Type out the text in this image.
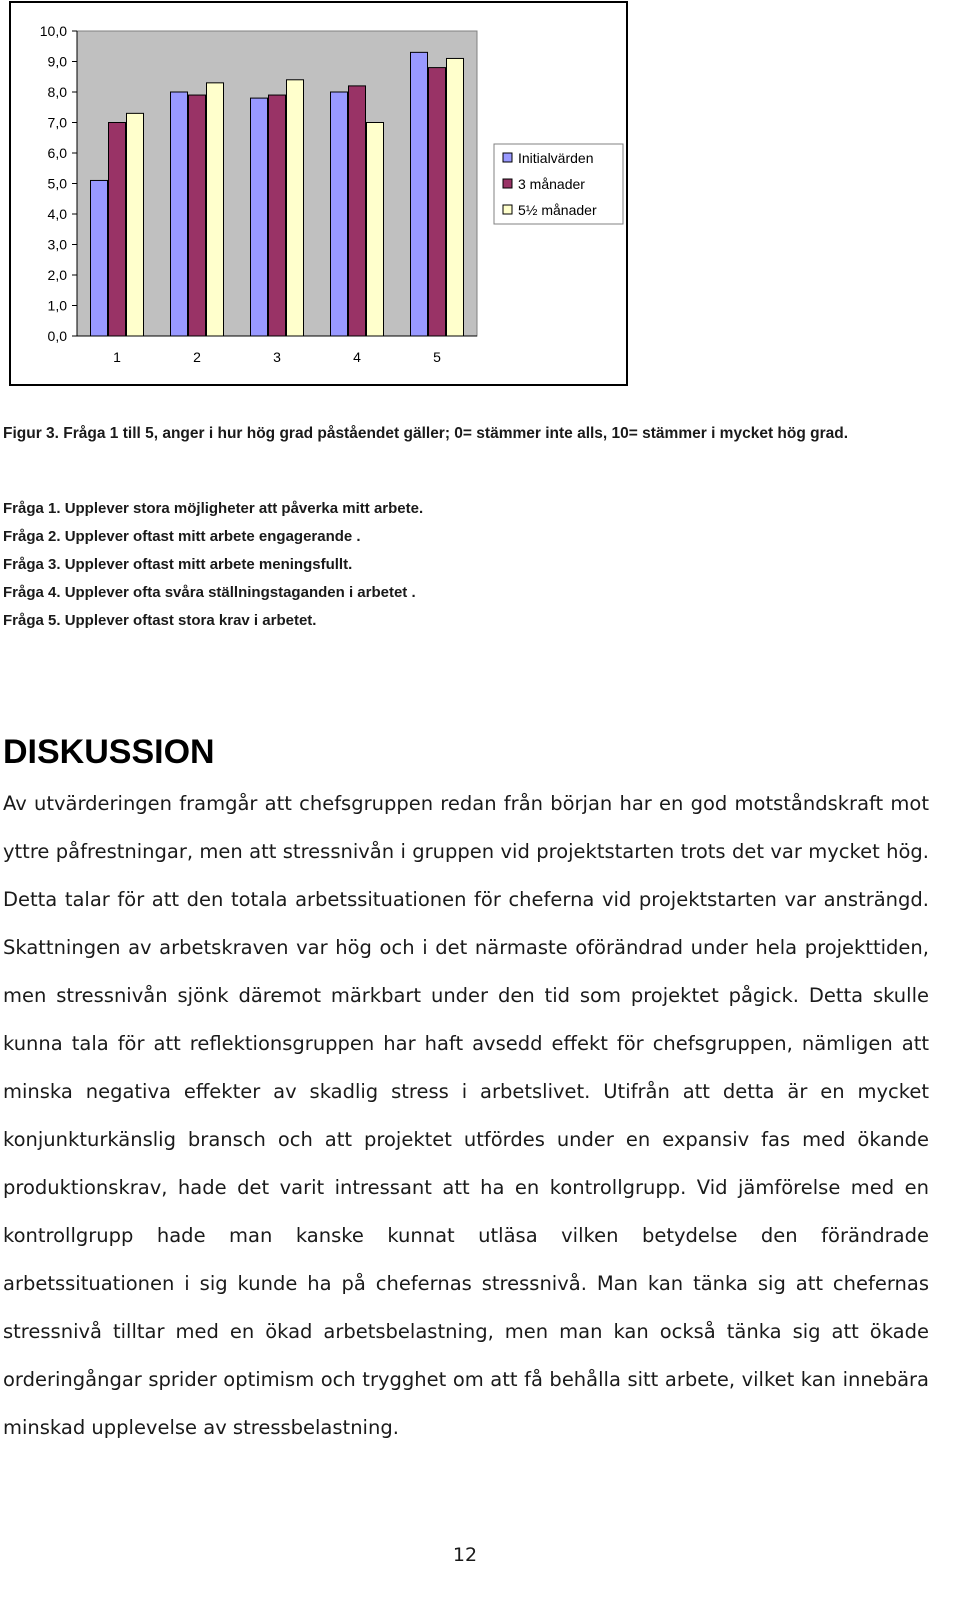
0,0
1,0
2,0
3,0
4,0
5,0
6,0
7,0
8,0
9,0
10,0
1	2	3	4	5
Initialvärden
3 månader
5½ månader
Figur 3. Fråga 1 till 5, anger i hur hög grad påståendet gäller; 0= stämmer inte alls, 10= stämmer i mycket hög grad.
Fråga 1. Upplever stora möjligheter att påverka mitt arbete.
Fråga 2. Upplever oftast mitt arbete engagerande .
Fråga 3. Upplever oftast mitt arbete meningsfullt.
Fråga 4. Upplever ofta svåra ställningstaganden i arbetet .
Fråga 5. Upplever oftast stora krav i arbetet.
DISKUSSION
Av utvärderingen framgår att chefsgruppen redan från början har en god motståndskraft mot yttre påfrestningar, men att stressnivån i gruppen vid projektstarten trots det var mycket hög. Detta talar för att den totala arbetssituationen för cheferna vid projektstarten var ansträngd. Skattningen av arbetskraven var hög och i det närmaste oförändrad under hela projekttiden, men stressnivån sjönk däremot märkbart under den tid som projektet pågick. Detta skulle kunna tala för att reflektionsgruppen har haft avsedd effekt för chefsgruppen, nämligen att minska negativa effekter av skadlig stress i arbetslivet. Utifrån att detta är en mycket konjunkturkänslig bransch och att projektet utfördes under en expansiv fas med ökande produktionskrav, hade det varit intressant att ha en kontrollgrupp. Vid jämförelse med en kontrollgrupp hade man kanske kunnat utläsa vilken betydelse den förändrade arbetssituationen i sig kunde ha på chefernas stressnivå. Man kan tänka sig att chefernas stressnivå tilltar med en ökad arbetsbelastning, men man kan också tänka sig att ökade orderingångar sprider optimism och trygghet om att få behålla sitt arbete, vilket kan innebära minskad upplevelse av stressbelastning.
12
